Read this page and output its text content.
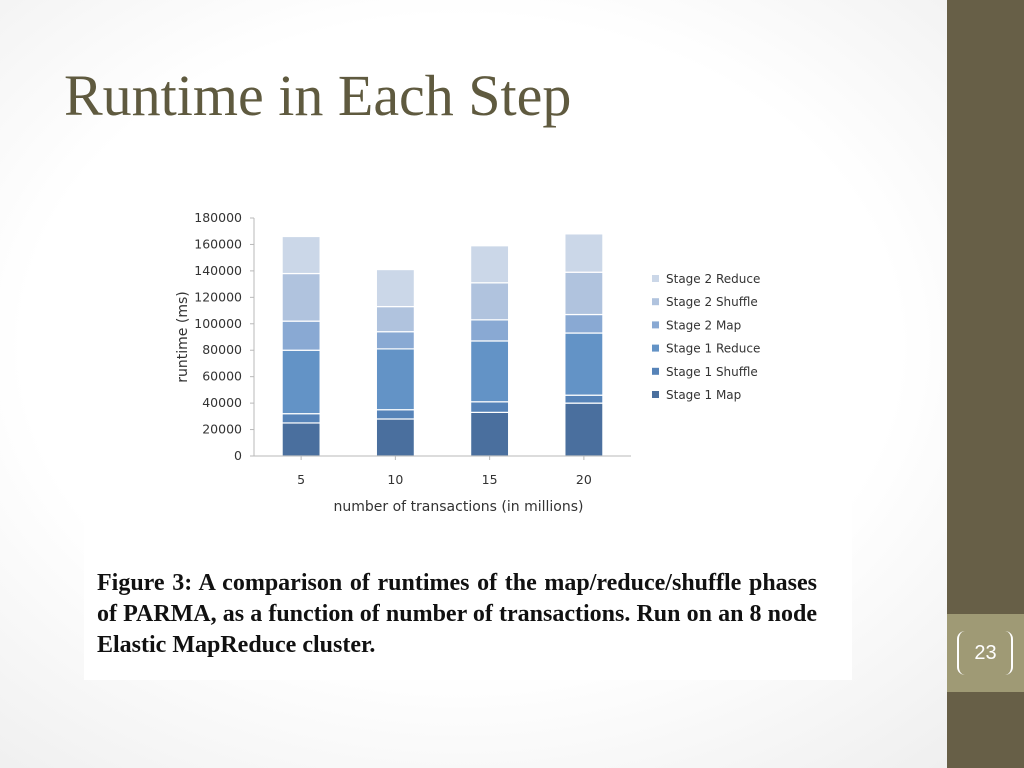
Runtime in Each Step
5	10	15	20
0
20000
40000
60000
80000
100000
120000
140000
160000
180000
number of transactions (in millions)
runtime (ms)
Stage 2 Reduce
Stage 2 Shuffle
Stage 2 Map
Stage 1 Reduce
Stage 1 Shuffle
Stage 1 Map

Figure 3: A comparison of runtimes of the map/reduce/shuffle phases of PARMA, as a function of number of transactions. Run on an 8 node Elastic MapReduce cluster.	23
